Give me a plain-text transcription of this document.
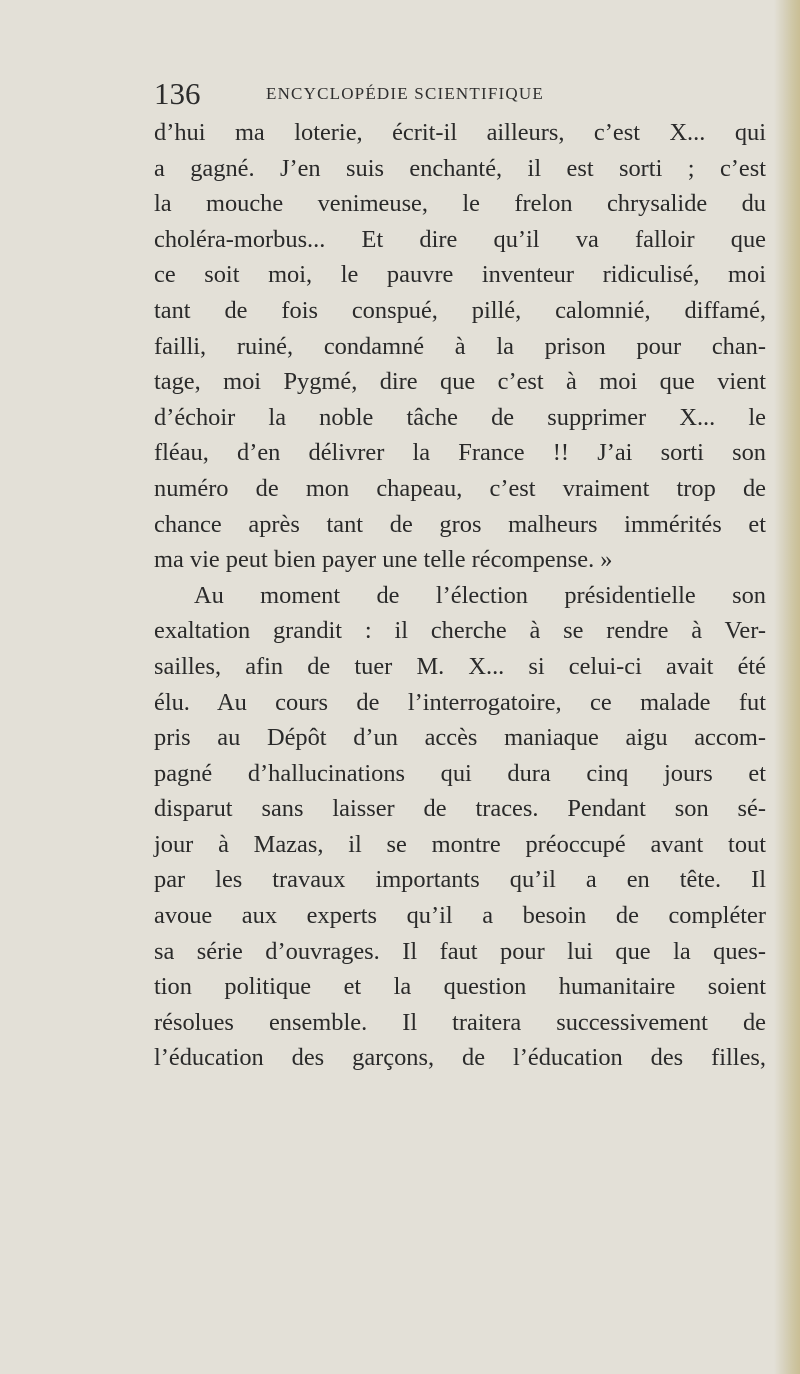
136	ENCYCLOPÉDIE SCIENTIFIQUE
d’hui ma loterie, écrit-il ailleurs, c’est X... qui
a gagné. J’en suis enchanté, il est sorti ; c’est
la mouche venimeuse, le frelon chrysalide du
choléra-morbus... Et dire qu’il va falloir que
ce soit moi, le pauvre inventeur ridiculisé, moi
tant de fois conspué, pillé, calomnié, diffamé,
failli, ruiné, condamné à la prison pour chan-
tage, moi Pygmé, dire que c’est à moi que vient
d’échoir la noble tâche de supprimer X... le
fléau, d’en délivrer la France !! J’ai sorti son
numéro de mon chapeau, c’est vraiment trop de
chance après tant de gros malheurs immérités et
ma vie peut bien payer une telle récompense. »
Au moment de l’élection présidentielle son
exaltation grandit : il cherche à se rendre à Ver-
sailles, afin de tuer M. X... si celui-ci avait été
élu. Au cours de l’interrogatoire, ce malade fut
pris au Dépôt d’un accès maniaque aigu accom-
pagné d’hallucinations qui dura cinq jours et
disparut sans laisser de traces. Pendant son sé-
jour à Mazas, il se montre préoccupé avant tout
par les travaux importants qu’il a en tête. Il
avoue aux experts qu’il a besoin de compléter
sa série d’ouvrages. Il faut pour lui que la ques-
tion politique et la question humanitaire soient
résolues ensemble. Il traitera successivement de
l’éducation des garçons, de l’éducation des filles,
